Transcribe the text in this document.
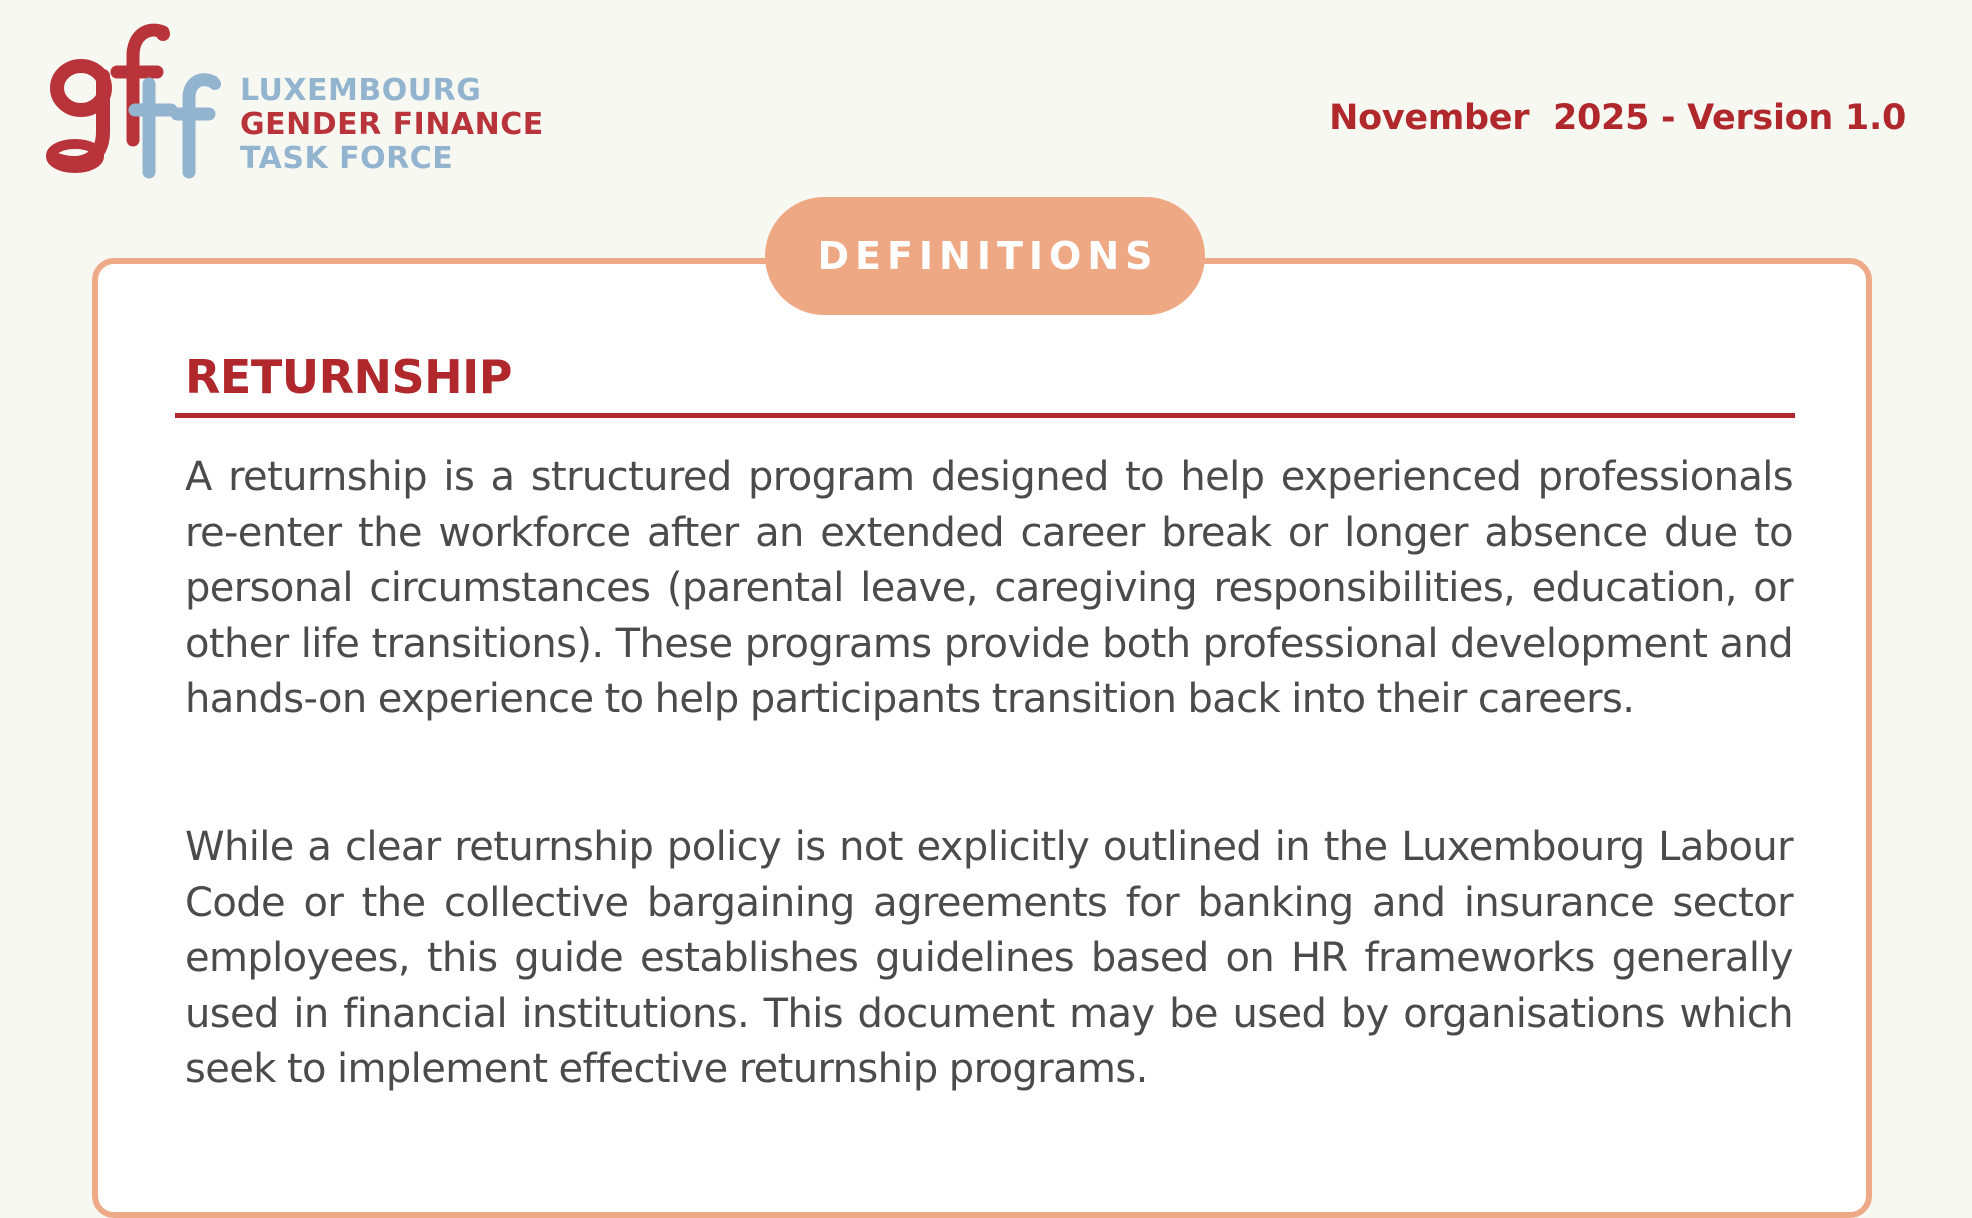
LUXEMBOURG
GENDER FINANCE
TASK FORCE
November  2025 - Version 1.0
DEFINITIONS
RETURNSHIP

A returnship is a structured program designed to help experienced professionals re-enter the workforce after an extended career break or longer absence due to personal circumstances (parental leave, caregiving responsibilities, education, or other life transitions). These programs provide both professional development and hands-on experience to help participants transition back into their careers.

While a clear returnship policy is not explicitly outlined in the Luxembourg Labour Code or the collective bargaining agreements for banking and insurance sector employees, this guide establishes guidelines based on HR frameworks generally used in financial institutions. This document may be used by organisations which seek to implement effective returnship programs.
